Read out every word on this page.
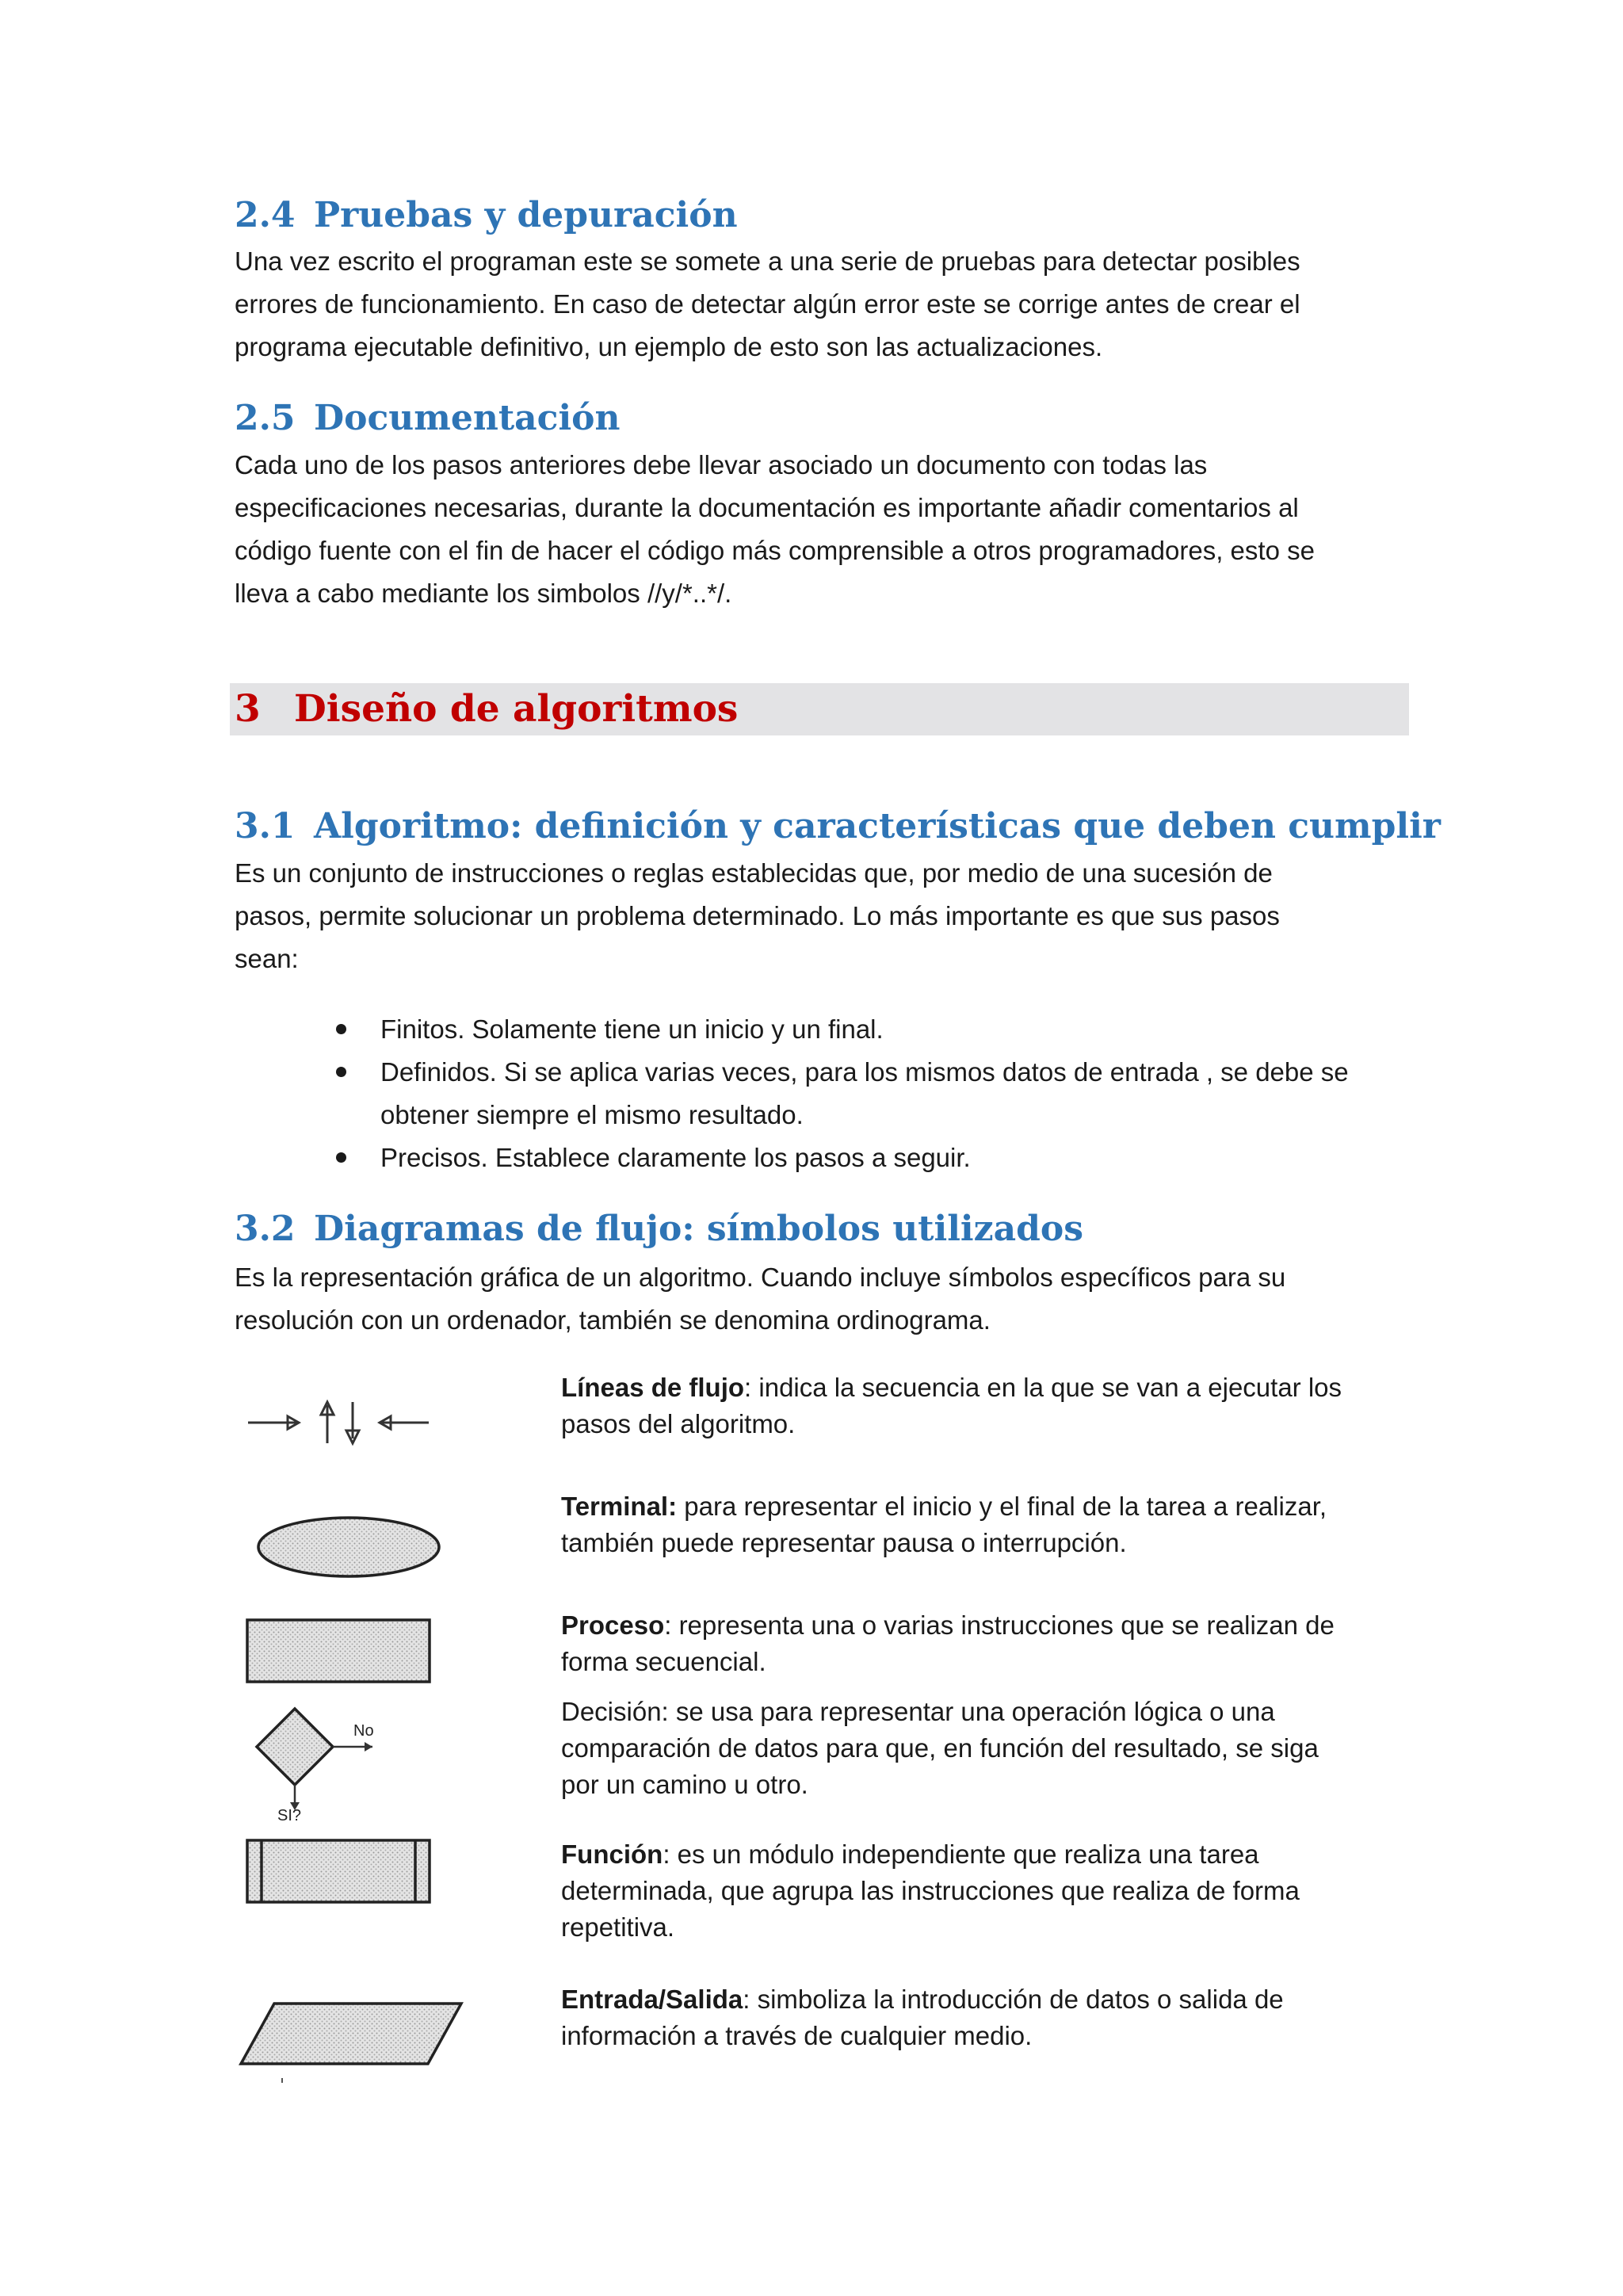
2.4 Pruebas y depuración

Una vez escrito el programan este se somete a una serie de pruebas para detectar posibles
errores de funcionamiento. En caso de detectar algún error este se corrige antes de crear el
programa ejecutable definitivo, un ejemplo de esto son las actualizaciones.

2.5 Documentación

Cada uno de los pasos anteriores debe llevar asociado un documento con todas las
especificaciones necesarias, durante la documentación es importante añadir comentarios al
código fuente con el fin de hacer el código más comprensible a otros programadores, esto se
lleva a cabo mediante los simbolos //y/*..*/.

3 Diseño de algoritmos
3.1 Algoritmo: definición y características que deben cumplir

Es un conjunto de instrucciones o reglas establecidas que, por medio de una sucesión de
pasos, permite solucionar un problema determinado. Lo más importante es que sus pasos
sean:

Finitos. Solamente tiene un inicio y un final.
Definidos. Si se aplica varias veces, para los mismos datos de entrada , se debe se
obtener siempre el mismo resultado.
Precisos. Establece claramente los pasos a seguir.
3.2 Diagramas de flujo: símbolos utilizados

Es la representación gráfica de un algoritmo. Cuando incluye símbolos específicos para su
resolución con un ordenador, también se denomina ordinograma.

Líneas de flujo: indica la secuencia en la que se van a ejecutar los
pasos del algoritmo.

Terminal: para representar el inicio y el final de la tarea a realizar,
también puede representar pausa o interrupción.

Proceso: representa una o varias instrucciones que se realizan de
forma secuencial.

No
SI?

Decisión: se usa para representar una operación lógica o una
comparación de datos para que, en función del resultado, se siga
por un camino u otro.

Función: es un módulo independiente que realiza una tarea
determinada, que agrupa las instrucciones que realiza de forma
repetitiva.

Entrada/Salida: simboliza la introducción de datos o salida de
información a través de cualquier medio.
